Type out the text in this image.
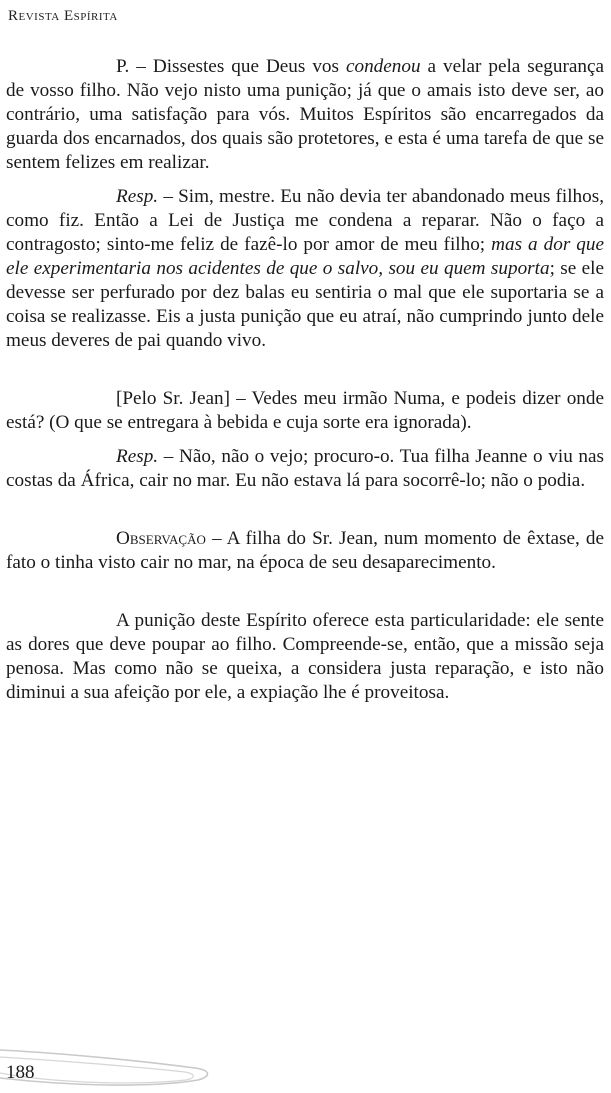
Revista Espírita

P. – Dissestes que Deus vos condenou a velar pela segurança de vosso filho. Não vejo nisto uma punição; já que o amais isto deve ser, ao contrário, uma satisfação para vós. Muitos Espíritos são encarregados da guarda dos encarnados, dos quais são protetores, e esta é uma tarefa de que se sentem felizes em realizar.

Resp. – Sim, mestre. Eu não devia ter abandonado meus filhos, como fiz. Então a Lei de Justiça me condena a reparar. Não o faço a contragosto; sinto-me feliz de fazê-lo por amor de meu filho; mas a dor que ele experimentaria nos acidentes de que o salvo, sou eu quem suporta; se ele devesse ser perfurado por dez balas eu sentiria o mal que ele suportaria se a coisa se realizasse. Eis a justa punição que eu atraí, não cumprindo junto dele meus deveres de pai quando vivo.

[Pelo Sr. Jean] – Vedes meu irmão Numa, e podeis dizer onde está? (O que se entregara à bebida e cuja sorte era ignorada).

Resp. – Não, não o vejo; procuro-o. Tua filha Jeanne o viu nas costas da África, cair no mar. Eu não estava lá para socorrê-lo; não o podia.

Observação – A filha do Sr. Jean, num momento de êxtase, de fato o tinha visto cair no mar, na época de seu desaparecimento.

A punição deste Espírito oferece esta particularidade: ele sente as dores que deve poupar ao filho. Compreende-se, então, que a missão seja penosa. Mas como não se queixa, a considera justa reparação, e isto não diminui a sua afeição por ele, a expiação lhe é proveitosa.

188
